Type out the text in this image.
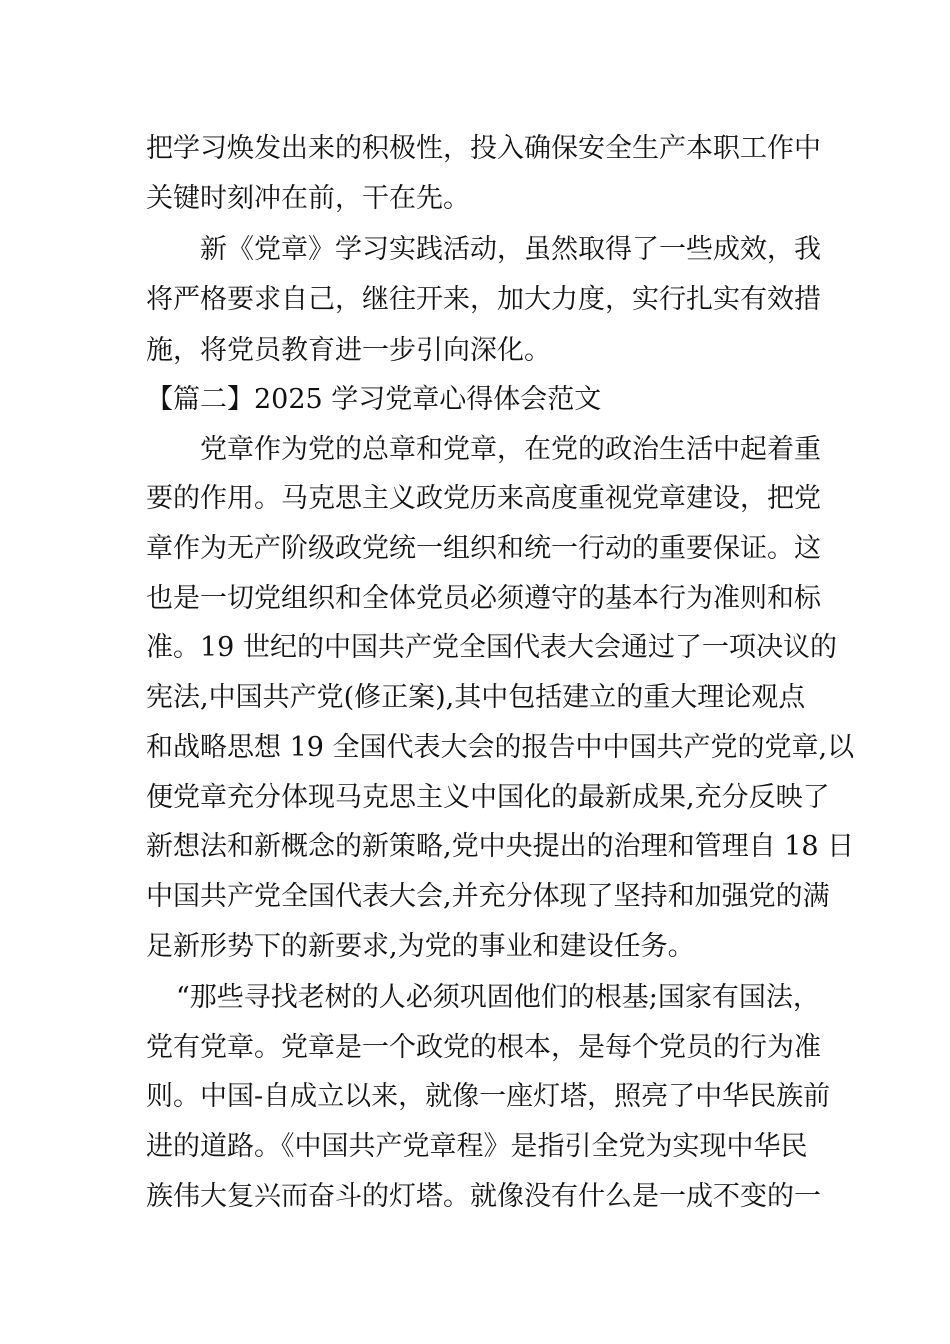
把学习焕发出来的积极性，投入确保安全生产本职工作中
关键时刻冲在前，干在先。
新《党章》学习实践活动，虽然取得了一些成效，我
将严格要求自己，继往开来，加大力度，实行扎实有效措
施，将党员教育进一步引向深化。
【篇二】2025 学习党章心得体会范文
党章作为党的总章和党章，在党的政治生活中起着重
要的作用。马克思主义政党历来高度重视党章建设，把党
章作为无产阶级政党统一组织和统一行动的重要保证。这
也是一切党组织和全体党员必须遵守的基本行为准则和标
准。19 世纪的中国共产党全国代表大会通过了一项决议的
宪法,中国共产党(修正案),其中包括建立的重大理论观点
和战略思想 19 全国代表大会的报告中中国共产党的党章,以
便党章充分体现马克思主义中国化的最新成果,充分反映了
新想法和新概念的新策略,党中央提出的治理和管理自 18 日
中国共产党全国代表大会,并充分体现了坚持和加强党的满
足新形势下的新要求,为党的事业和建设任务。
“那些寻找老树的人必须巩固他们的根基;国家有国法，
党有党章。党章是一个政党的根本，是每个党员的行为准
则。中国-自成立以来，就像一座灯塔，照亮了中华民族前
进的道路。《中国共产党章程》是指引全党为实现中华民
族伟大复兴而奋斗的灯塔。就像没有什么是一成不变的一
